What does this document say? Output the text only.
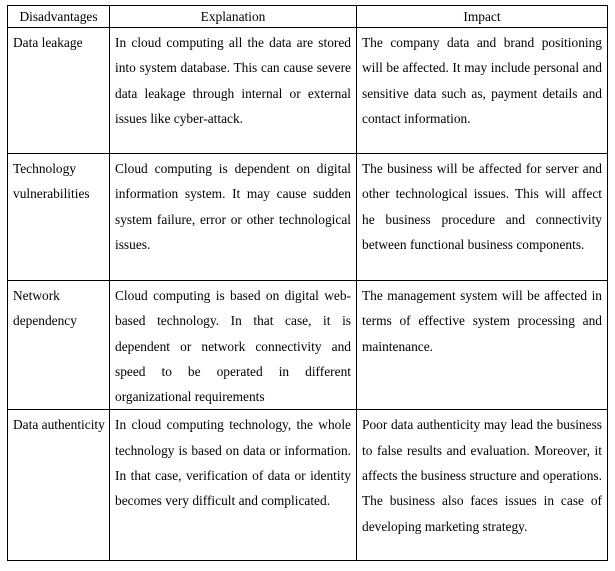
Disadvantages	Explanation	Impact
Data leakage	In cloud computing all the data are stored into system database. This can cause severe data leakage through internal or external issues like cyber-attack.	The company data and brand positioning will be affected. It may include personal and sensitive data such as, payment details and contact information.
Technology vulnerabilities	Cloud computing is dependent on digital information system. It may cause sudden system failure, error or other technological issues.	The business will be affected for server and other technological issues. This will affect he business procedure and connectivity between functional business components.
Network dependency	Cloud computing is based on digital web-based technology. In that case, it is dependent or network connectivity and speed to be operated in different organizational requirements	The management system will be affected in terms of effective system processing and maintenance.
Data authenticity	In cloud computing technology, the whole technology is based on data or information. In that case, verification of data or identity becomes very difficult and complicated.	Poor data authenticity may lead the business to false results and evaluation. Moreover, it affects the business structure and operations. The business also faces issues in case of developing marketing strategy.
